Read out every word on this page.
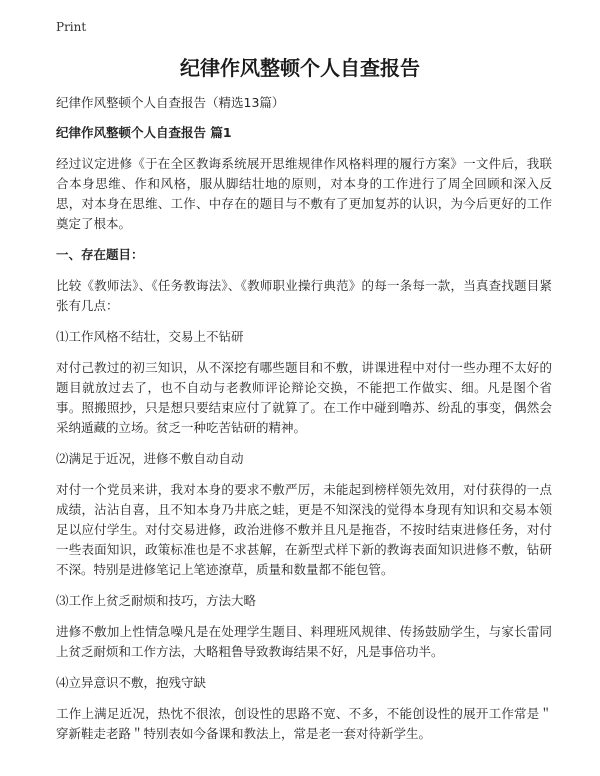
Print
纪律作风整顿个人自查报告

纪律作风整顿个人自查报告（精选13篇）

纪律作风整顿个人自查报告 篇1

经过议定进修《于在全区教诲系统展开思维规律作风格料理的履行方案》一文件后，我联合本身思维、作和风格，服从脚结壮地的原则，对本身的工作进行了周全回顾和深入反思，对本身在思维、工作、中存在的题目与不敷有了更加复苏的认识，为今后更好的工作奠定了根本。

一、存在题目：

比较《教师法》、《任务教诲法》、《教师职业操行典范》的每一条每一款，当真查找题目紧张有几点：

⑴工作风格不结壮，交易上不钻研

对付己教过的初三知识，从不深挖有哪些题目和不敷，讲课进程中对付一些办理不太好的题目就放过去了，也不自动与老教师评论辩论交换，不能把工作做实、细。凡是图个省事。照搬照抄，只是想只要结束应付了就算了。在工作中碰到噜苏、纷乱的事变，偶然会采纳遁藏的立场。贫乏一种吃苦钻研的精神。

⑵满足于近况，进修不敷自动自动

对付一个党员来讲，我对本身的要求不敷严厉，未能起到榜样领先效用，对付获得的一点成绩，沾沾自喜，且不知本身乃井底之蛙，更是不知深浅的觉得本身现有知识和交易本领足以应付学生。对付交易进修，政治进修不敷并且凡是拖沓，不按时结束进修任务，对付一些表面知识，政策标准也是不求甚解，在新型式样下新的教诲表面知识进修不敷，钻研不深。特别是进修笔记上笔迹潦草，质量和数量都不能包管。

⑶工作上贫乏耐烦和技巧，方法大略

进修不敷加上性情急噪凡是在处理学生题目、料理班风规律、传扬鼓励学生，与家长雷同上贫乏耐烦和工作方法，大略粗鲁导致教诲结果不好，凡是事倍功半。

⑷立异意识不敷，抱残守缺

工作上满足近况，热忱不很浓，创设性的思路不宽、不多，不能创设性的展开工作常是＂穿新鞋走老路＂特别表如今备课和教法上，常是老一套对待新学生。
